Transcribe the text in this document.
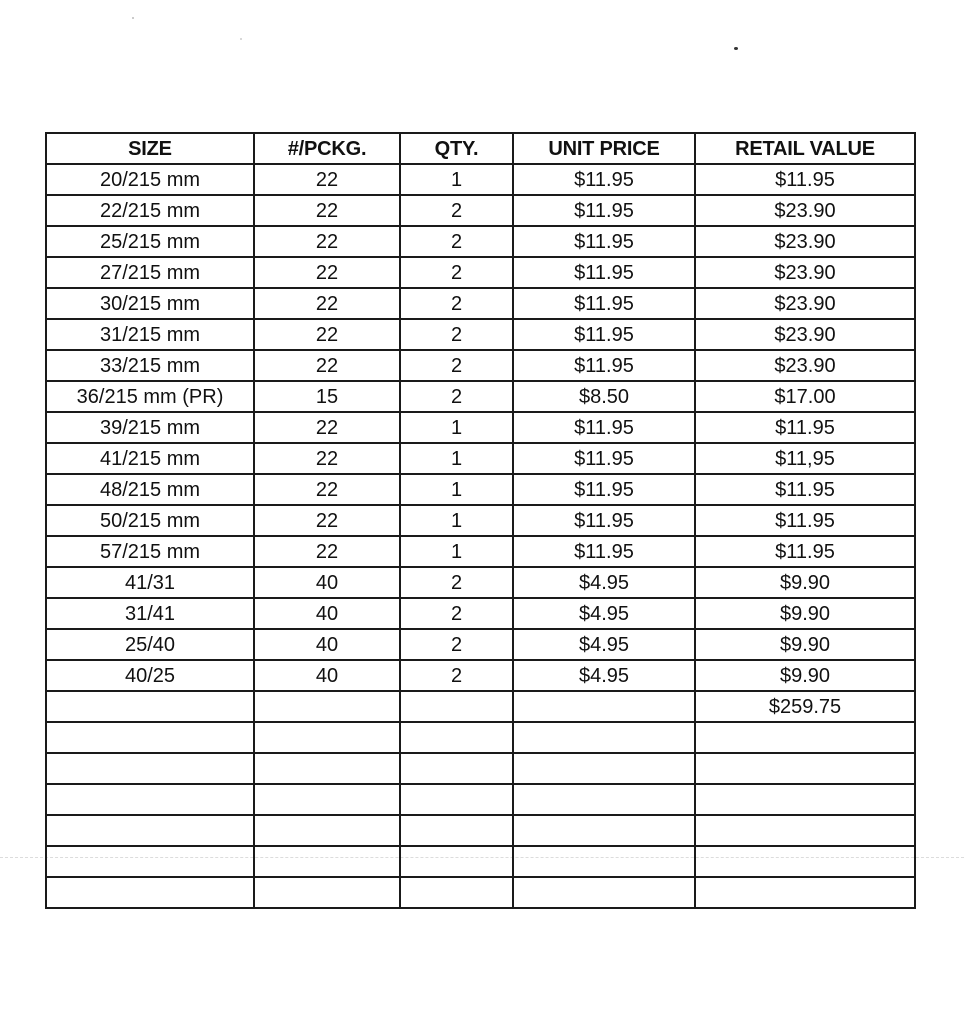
SIZE	#/PCKG.	QTY.	UNIT PRICE	RETAIL VALUE
20/215 mm	22	1	$11.95	$11.95
22/215 mm	22	2	$11.95	$23.90
25/215 mm	22	2	$11.95	$23.90
27/215 mm	22	2	$11.95	$23.90
30/215 mm	22	2	$11.95	$23.90
31/215 mm	22	2	$11.95	$23.90
33/215 mm	22	2	$11.95	$23.90
36/215 mm (PR)	15	2	$8.50	$17.00
39/215 mm	22	1	$11.95	$11.95
41/215 mm	22	1	$11.95	$11,95
48/215 mm	22	1	$11.95	$11.95
50/215 mm	22	1	$11.95	$11.95
57/215 mm	22	1	$11.95	$11.95
41/31	40	2	$4.95	$9.90
31/41	40	2	$4.95	$9.90
25/40	40	2	$4.95	$9.90
40/25	40	2	$4.95	$9.90
				$259.75
